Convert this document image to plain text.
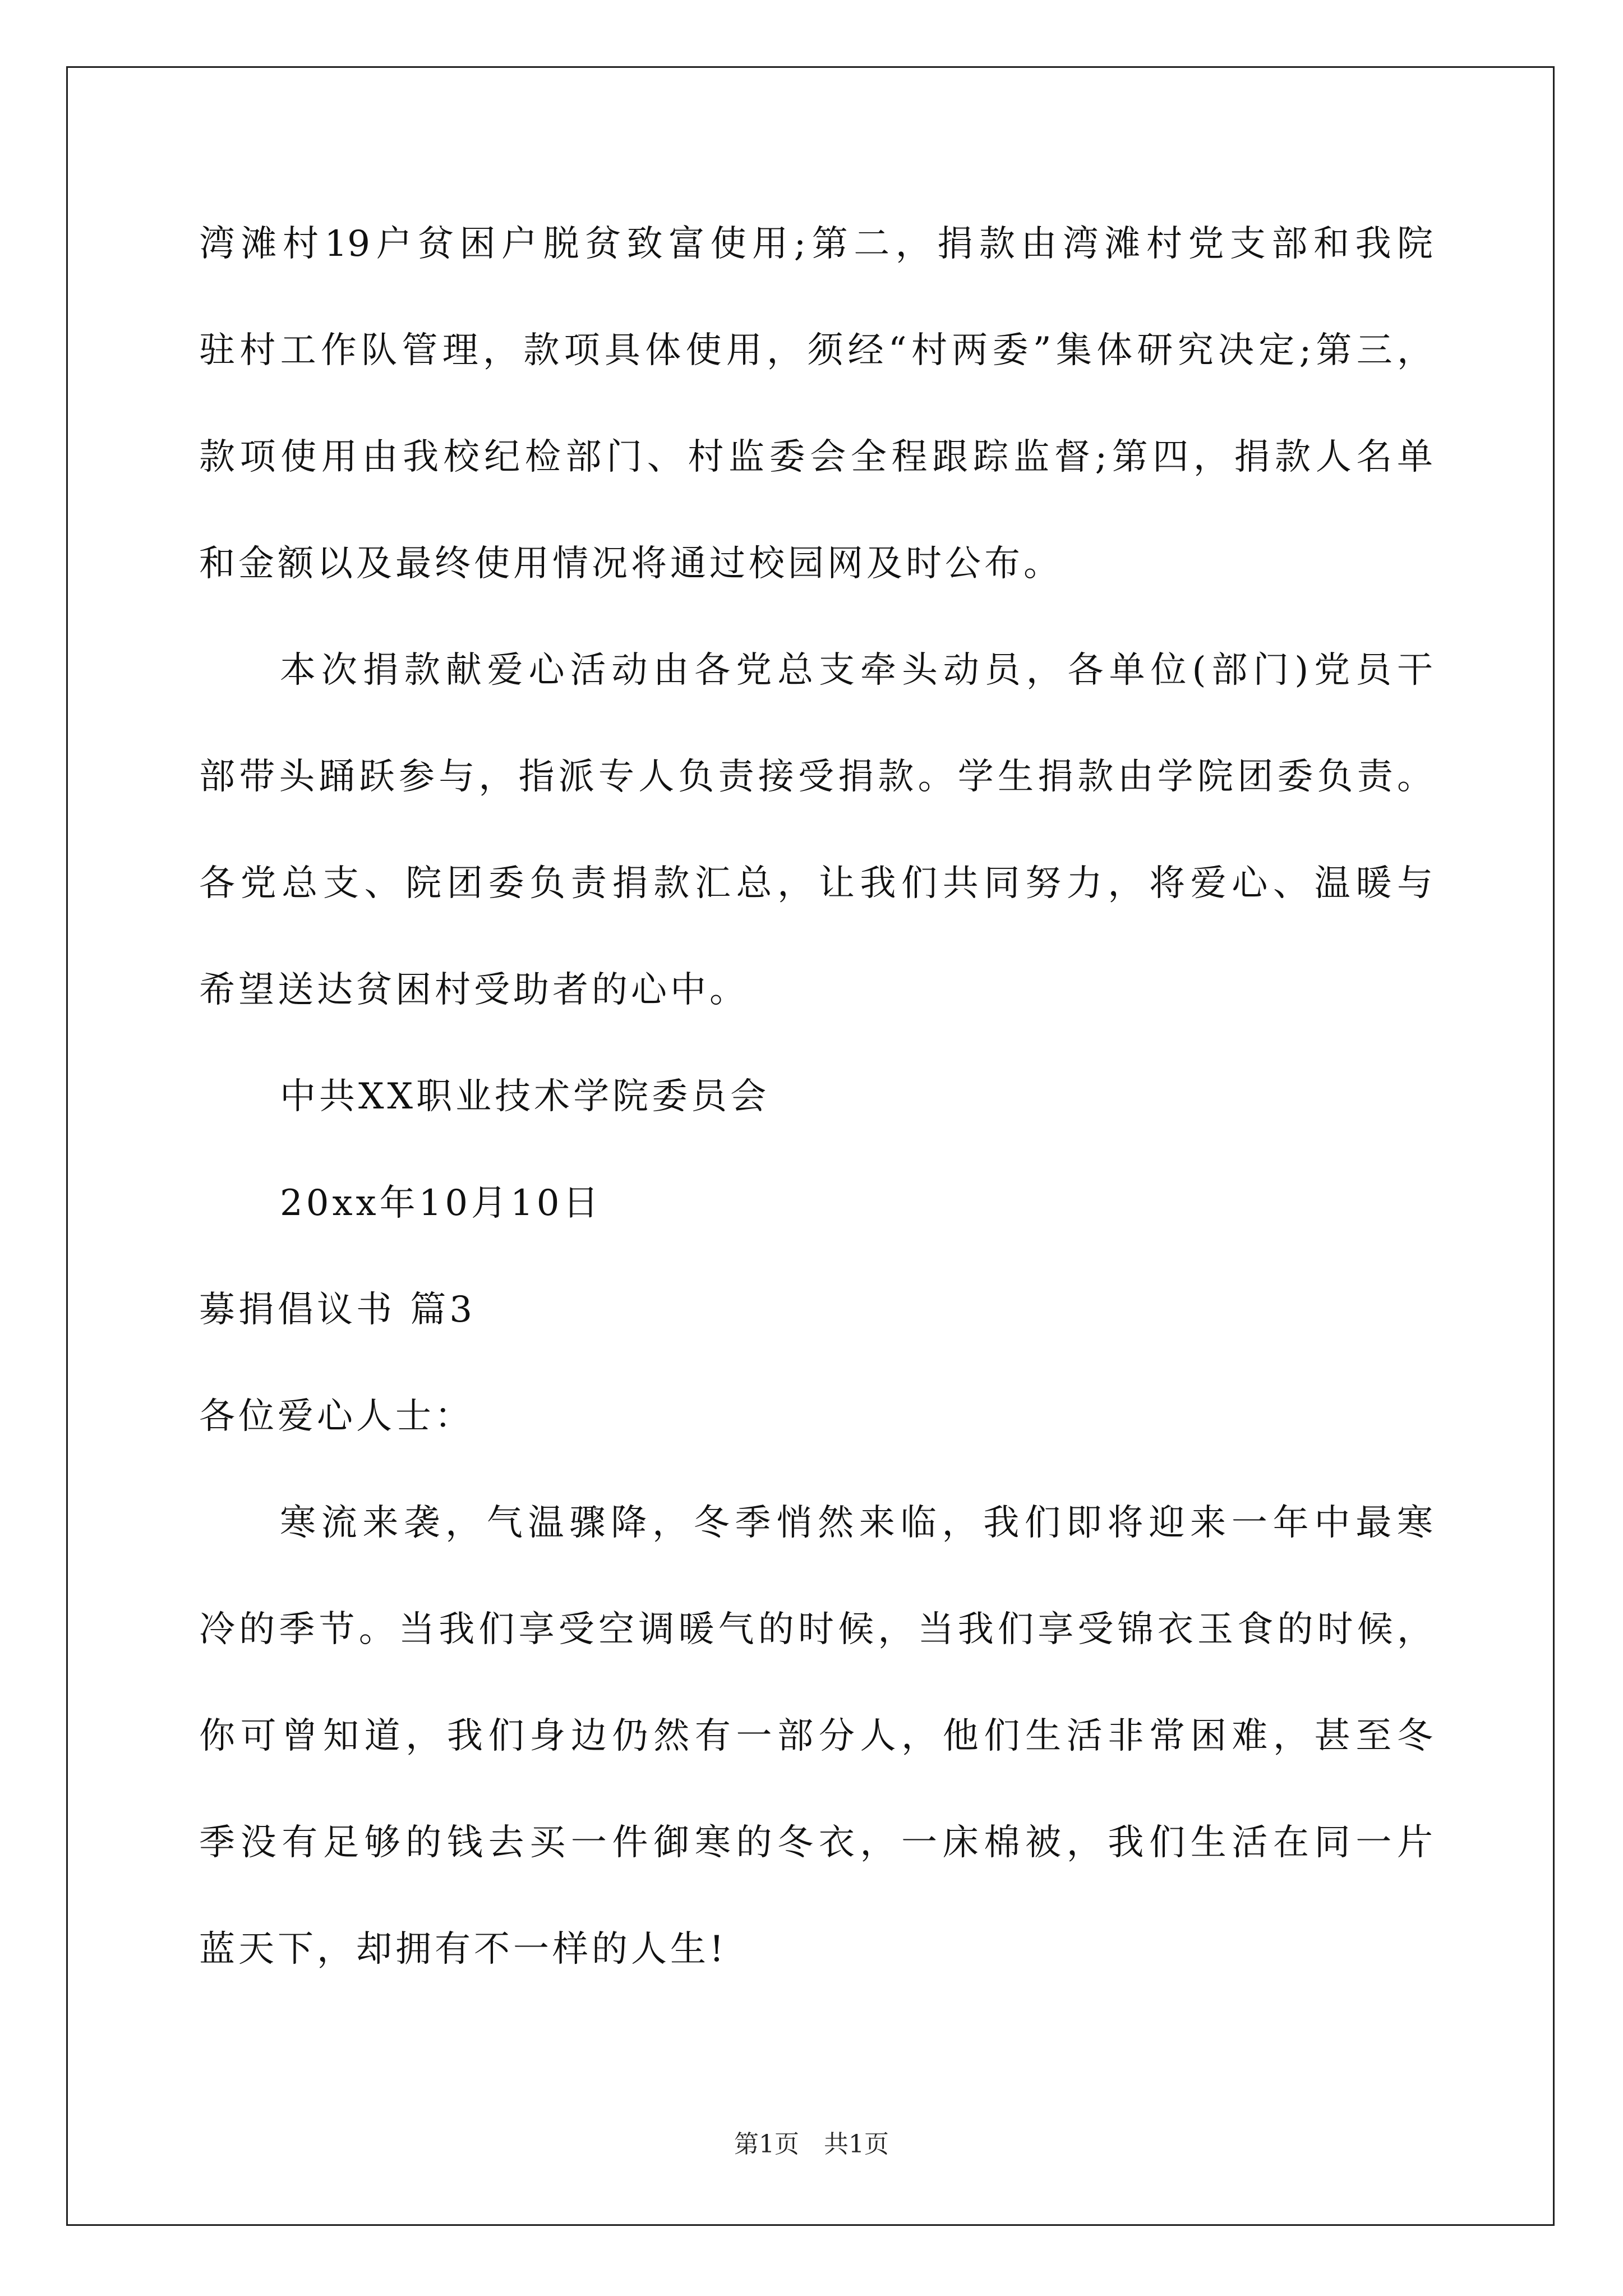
湾滩村19户贫困户脱贫致富使用;第二，捐款由湾滩村党支部和我院
驻村工作队管理，款项具体使用，须经“村两委”集体研究决定;第三，
款项使用由我校纪检部门、村监委会全程跟踪监督;第四，捐款人名单
和金额以及最终使用情况将通过校园网及时公布。
本次捐款献爱心活动由各党总支牵头动员，各单位(部门)党员干
部带头踊跃参与，指派专人负责接受捐款。学生捐款由学院团委负责。
各党总支、院团委负责捐款汇总，让我们共同努力，将爱心、温暖与
希望送达贫困村受助者的心中。
中共XX职业技术学院委员会
20xx年10月10日
募捐倡议书 篇3
各位爱心人士：
寒流来袭，气温骤降，冬季悄然来临，我们即将迎来一年中最寒
冷的季节。当我们享受空调暖气的时候，当我们享受锦衣玉食的时候，
你可曾知道，我们身边仍然有一部分人，他们生活非常困难，甚至冬
季没有足够的钱去买一件御寒的冬衣，一床棉被，我们生活在同一片
蓝天下，却拥有不一样的人生!
第1页　共1页
